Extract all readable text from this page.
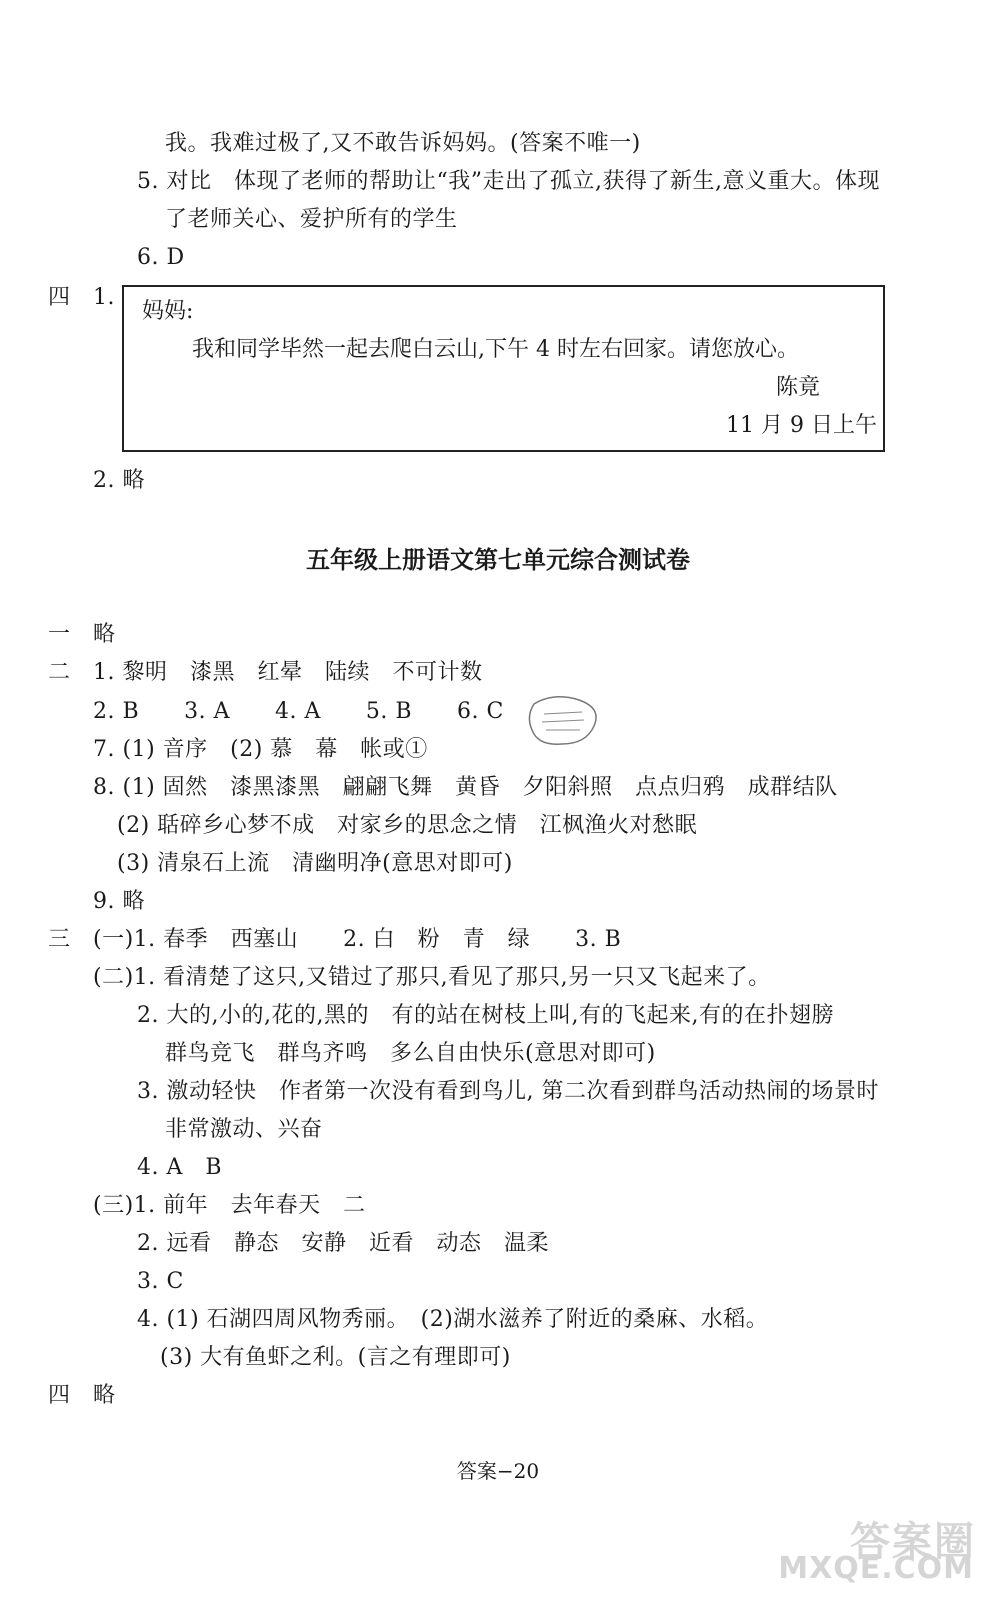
我。我难过极了,又不敢告诉妈妈。(答案不唯一)
5. 对比　体现了老师的帮助让“我”走出了孤立,获得了新生,意义重大。体现
了老师关心、爱护所有的学生
6. D
四　1.
妈妈:
我和同学毕然一起去爬白云山,下午 4 时左右回家。请您放心。
陈竟
11 月 9 日上午
2. 略
五年级上册语文第七单元综合测试卷
一　略
二　1. 黎明　漆黑　红晕　陆续　不可计数
2. B　　3. A　　4. A　　5. B　　6. C
7. (1) 音序　(2) 慕　幕　帐或①
8. (1) 固然　漆黑漆黑　翩翩飞舞　黄昏　夕阳斜照　点点归鸦　成群结队
(2) 聒碎乡心梦不成　对家乡的思念之情　江枫渔火对愁眠
(3) 清泉石上流　清幽明净(意思对即可)
9. 略
三　(一)1. 春季　西塞山　　2. 白　粉　青　绿　　3. B
(二)1. 看清楚了这只,又错过了那只,看见了那只,另一只又飞起来了。
2. 大的,小的,花的,黑的　有的站在树枝上叫,有的飞起来,有的在扑翅膀
群鸟竞飞　群鸟齐鸣　多么自由快乐(意思对即可)
3. 激动轻快　作者第一次没有看到鸟儿, 第二次看到群鸟活动热闹的场景时
非常激动、兴奋
4. A　B
(三)1. 前年　去年春天　二
2. 远看　静态　安静　近看　动态　温柔
3. C
4. (1) 石湖四周风物秀丽。　(2)湖水滋养了附近的桑麻、水稻。
(3) 大有鱼虾之利。(言之有理即可)
四　略
答案−20
答案圈
MXQE.COM
